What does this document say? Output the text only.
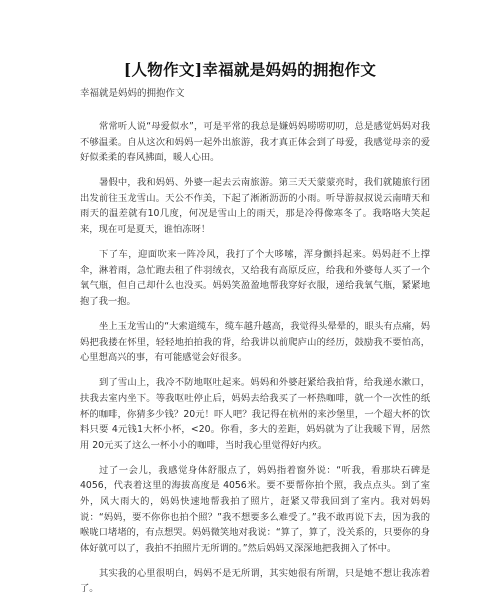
[人物作文]幸福就是妈妈的拥抱作文
幸福就是妈妈的拥抱作文

常常听人说“母爱似水”，可是平常的我总是嫌妈妈唠唠叨叨，总是感觉妈妈对我不够温柔。自从这次和妈妈一起外出旅游，我才真正体会到了母爱，我感觉母亲的爱好似柔柔的春风拂面，暖人心田。

暑假中，我和妈妈、外婆一起去云南旅游。第三天天蒙蒙亮时，我们就随旅行团出发前往玉龙雪山。天公不作美，下起了淅淅沥沥的小雨。听导游叔叔说云南晴天和雨天的温差就有10几度，何况是雪山上的雨天，那是冷得像寒冬了。我咯咯大笑起来，现在可是夏天，谁怕冻呀！

下了车，迎面吹来一阵冷风，我打了个大哆嗦，浑身颤抖起来。妈妈赶不上撑伞，淋着雨，急忙跑去租了件羽绒衣，又给我有高原反应，给我和外婆每人买了一个氧气瓶，但自己却什么也没买。妈妈笑盈盈地帮我穿好衣服，递给我氧气瓶，紧紧地抱了我一抱。

坐上玉龙雪山的“大索道缆车，缆车越升越高，我觉得头晕晕的，眼头有点痛，妈妈把我搂在怀里，轻轻地拍拍我的背，给我讲以前爬庐山的经历，鼓励我不要怕高，心里想高兴的事，有可能感觉会好很多。

到了雪山上，我冷不防地呕吐起来。妈妈和外婆赶紧给我拍背，给我递水漱口，扶我去室内坐下。等我呕吐停止后，妈妈去给我买了一杯热咖啡，就一个一次性的纸杯的咖啡，你猜多少钱？20元！吓人吧？我记得在杭州的来沙堡里，一个超大杯的饮料只要 4元钱1大杯小杯，<20。你看，多大的差距，妈妈就为了让我暖下胃，居然用 20元买了这么一杯小小的咖啡，当时我心里觉得好内疚。

过了一会儿，我感觉身体舒服点了，妈妈指着窗外说：“听我，看那块石碑是4056，代表着这里的海拔高度是 4056米。要不要帮你拍个照，我点点头。到了室外，风大雨大的，妈妈快速地帮我拍了照片，赶紧又带我回到了室内。我对妈妈说：“妈妈，要不你你也拍个照？”我不想要多么难受了。”我不敢再说下去，因为我的喉咙口堵堵的，有点想哭。妈妈微笑地对我说：“算了，算了，没关系的，只要你的身体好就可以了，我拍不拍照片无所谓的。”然后妈妈又深深地把我拥入了怀中。

其实我的心里很明白，妈妈不是无所谓，其实她很有所谓，只是她不想让我冻着了。
